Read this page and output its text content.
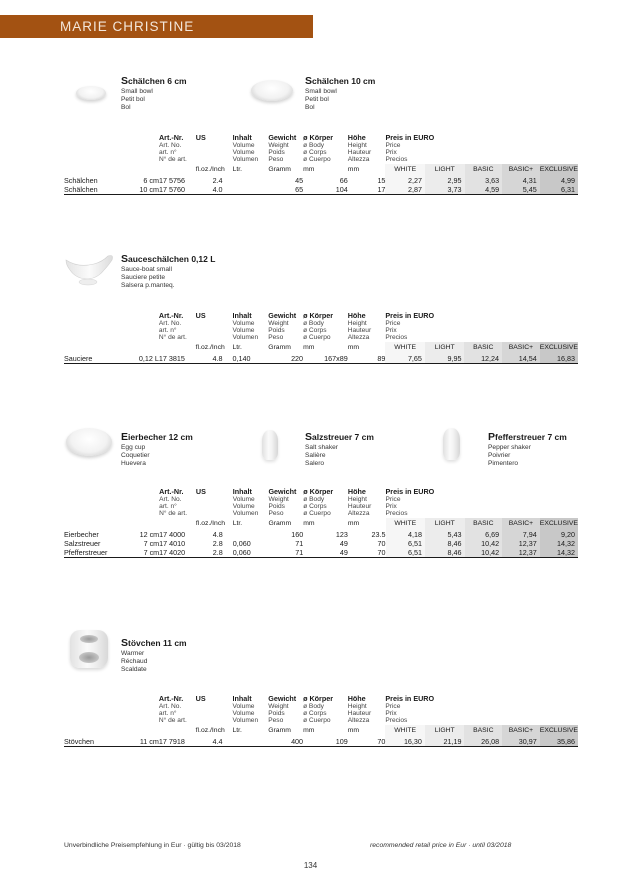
MARIE CHRISTINE
Schälchen 6 cm
Small bowl
Petit bol
Bol
Schälchen 10 cm
Small bowl
Petit bol
Bol

		Art.-Nr.
Art. No.
art. n°
N° de art.	US	Inhalt
Volume
Volume
Volumen	Gewicht
Weight
Poids
Peso	ø Körper
ø Body
ø Corps
ø Cuerpo	Höhe
Height
Hauteur
Altezza	Preis in EURO
Price
Prix
Precios				

			fl.oz./Inch	Ltr.	Gramm	mm	mm	WHITE	LIGHT	BASIC	BASIC+	EXCLUSIVE
Schälchen	6 cm	17 5756	2.4		45	66	15	2,27	2,95	3,63	4,31	4,99
Schälchen	10 cm	17 5760	4.0		65	104	17	2,87	3,73	4,59	5,45	6,31
Sauceschälchen 0,12 L
Sauce-boat small
Sauciere petite
Salsera p.manteq.

		Art.-Nr.
Art. No.
art. n°
N° de art.	US	Inhalt
Volume
Volume
Volumen	Gewicht
Weight
Poids
Peso	ø Körper
ø Body
ø Corps
ø Cuerpo	Höhe
Height
Hauteur
Altezza	Preis in EURO
Price
Prix
Precios				

			fl.oz./Inch	Ltr.	Gramm	mm	mm	WHITE	LIGHT	BASIC	BASIC+	EXCLUSIVE
Sauciere	0,12 L	17 3815	4.8	0,140	220	167x89	89	7,65	9,95	12,24	14,54	16,83
Eierbecher 12 cm
Egg cup
Coquetier
Huevera
Salzstreuer 7 cm
Salt shaker
Salière
Salero
Pfefferstreuer 7 cm
Pepper shaker
Poivrier
Pimentero

		Art.-Nr.
Art. No.
art. n°
N° de art.	US	Inhalt
Volume
Volume
Volumen	Gewicht
Weight
Poids
Peso	ø Körper
ø Body
ø Corps
ø Cuerpo	Höhe
Height
Hauteur
Altezza	Preis in EURO
Price
Prix
Precios				

			fl.oz./Inch	Ltr.	Gramm	mm	mm	WHITE	LIGHT	BASIC	BASIC+	EXCLUSIVE
Eierbecher	12 cm	17 4000	4.8		160	123	23.5	4,18	5,43	6,69	7,94	9,20
Salzstreuer	7 cm	17 4010	2.8	0,060	71	49	70	6,51	8,46	10,42	12,37	14,32
Pfefferstreuer	7 cm	17 4020	2.8	0,060	71	49	70	6,51	8,46	10,42	12,37	14,32
Stövchen 11 cm
Warmer
Réchaud
Scaldate

		Art.-Nr.
Art. No.
art. n°
N° de art.	US	Inhalt
Volume
Volume
Volumen	Gewicht
Weight
Poids
Peso	ø Körper
ø Body
ø Corps
ø Cuerpo	Höhe
Height
Hauteur
Altezza	Preis in EURO
Price
Prix
Precios				

			fl.oz./Inch	Ltr.	Gramm	mm	mm	WHITE	LIGHT	BASIC	BASIC+	EXCLUSIVE
Stövchen	11 cm	17 7918	4.4		400	109	70	16,30	21,19	26,08	30,97	35,86
Unverbindliche Preisempfehlung in Eur · gültig bis 03/2018	recommended retail price in Eur · until 03/2018
134
